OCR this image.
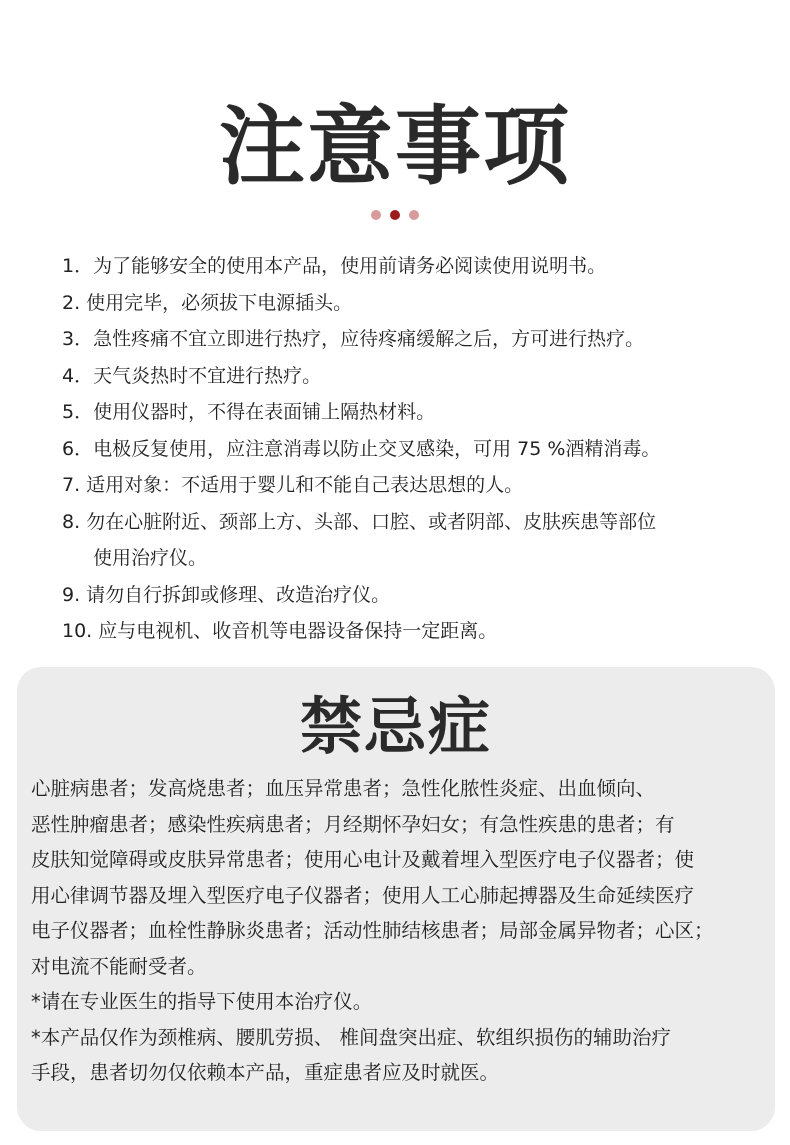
注意事项
1．为了能够安全的使用本产品，使用前请务必阅读使用说明书。
2. 使用完毕，必须拔下电源插头。
3．急性疼痛不宜立即进行热疗，应待疼痛缓解之后，方可进行热疗。
4．天气炎热时不宜进行热疗。
5．使用仪器时，不得在表面铺上隔热材料。
6．电极反复使用，应注意消毒以防止交叉感染，可用 75 %酒精消毒。
7. 适用对象：不适用于婴儿和不能自己表达思想的人。
8. 勿在心脏附近、颈部上方、头部、口腔、或者阴部、皮肤疾患等部位
使用治疗仪。
9. 请勿自行拆卸或修理、改造治疗仪。
10. 应与电视机、收音机等电器设备保持一定距离。
禁忌症
心脏病患者；发高烧患者；血压异常患者；急性化脓性炎症、出血倾向、
恶性肿瘤患者；感染性疾病患者；月经期怀孕妇女；有急性疾患的患者；有
皮肤知觉障碍或皮肤异常患者；使用心电计及戴着埋入型医疗电子仪器者；使
用心律调节器及埋入型医疗电子仪器者；使用人工心肺起搏器及生命延续医疗
电子仪器者；血栓性静脉炎患者；活动性肺结核患者；局部金属异物者；心区；
对电流不能耐受者。
*请在专业医生的指导下使用本治疗仪。
*本产品仅作为颈椎病、腰肌劳损、 椎间盘突出症、软组织损伤的辅助治疗
手段，患者切勿仅依赖本产品，重症患者应及时就医。
